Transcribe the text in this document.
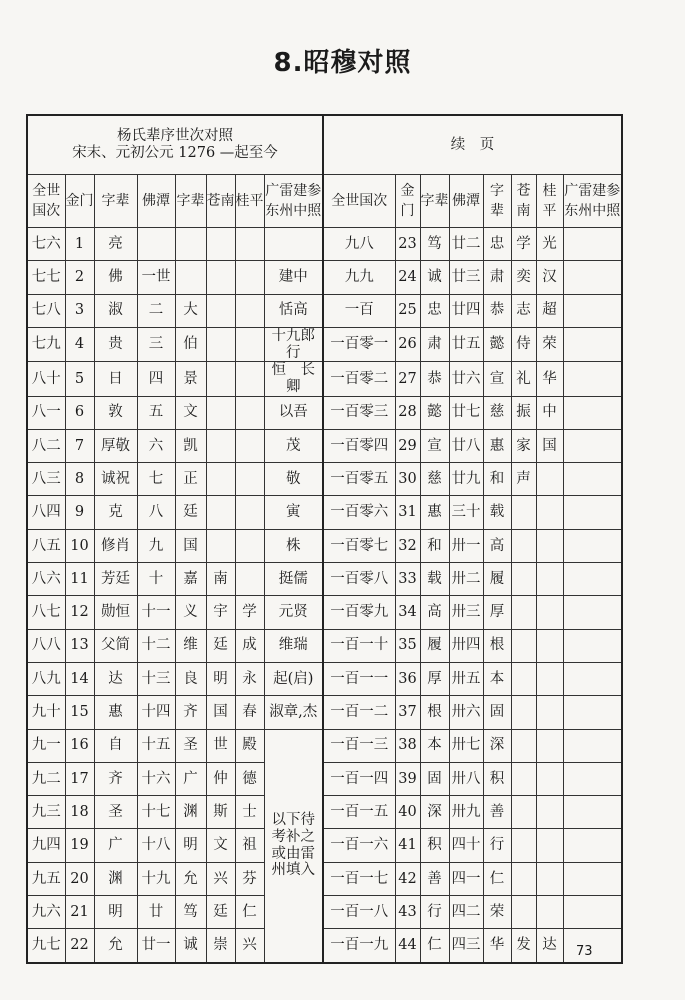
8.昭穆对照
杨氏辈序世次对照
宋末、元初公元 1276 —起至今								续　页							
全世国次	金门	字辈	佛潭	字辈	苍南	桂平	广雷建参东州中照	全世国次	金门	字辈	佛潭	字辈	苍南	桂平	广雷建参东州中照
七六	1	亮						九八	23	笃	廿二	忠	学	光	
七七	2	佛	一世				建中	九九	24	诚	廿三	肃	奕	汉	
七八	3	淑	二	大			恬高	一百	25	忠	廿四	恭	志	超	
七九	4	贵	三	伯			十九郎行	一百零一	26	肃	廿五	懿	侍	荣	
八十	5	日	四	景			恒　长卿	一百零二	27	恭	廿六	宣	礼	华	
八一	6	敦	五	文			以吾	一百零三	28	懿	廿七	慈	振	中	
八二	7	厚敬	六	凯			茂	一百零四	29	宣	廿八	惠	家	国	
八三	8	诚祝	七	正			敬	一百零五	30	慈	廿九	和	声		
八四	9	克	八	廷			寅	一百零六	31	惠	三十	载			
八五	10	修肖	九	国			株	一百零七	32	和	卅一	高			
八六	11	芳廷	十	嘉	南		挺儒	一百零八	33	载	卅二	履			
八七	12	勋恒	十一	义	宇	学	元贤	一百零九	34	高	卅三	厚			
八八	13	父简	十二	维	廷	成	维瑞	一百一十	35	履	卅四	根			
八九	14	达	十三	良	明	永	起(启)	一百一一	36	厚	卅五	本			
九十	15	惠	十四	齐	国	春	淑章,杰	一百一二	37	根	卅六	固			
九一	16	自	十五	圣	世	殿	以下待考补之或由雷州填入	一百一三	38	本	卅七	深			
九二	17	齐	十六	广	仲	德		一百一四	39	固	卅八	积			
九三	18	圣	十七	渊	斯	士		一百一五	40	深	卅九	善			
九四	19	广	十八	明	文	祖		一百一六	41	积	四十	行			
九五	20	渊	十九	允	兴	芬		一百一七	42	善	四一	仁			
九六	21	明	廿	笃	廷	仁		一百一八	43	行	四二	荣			
九七	22	允	廿一	诚	崇	兴		一百一九	44	仁	四三	华	发	达	73
